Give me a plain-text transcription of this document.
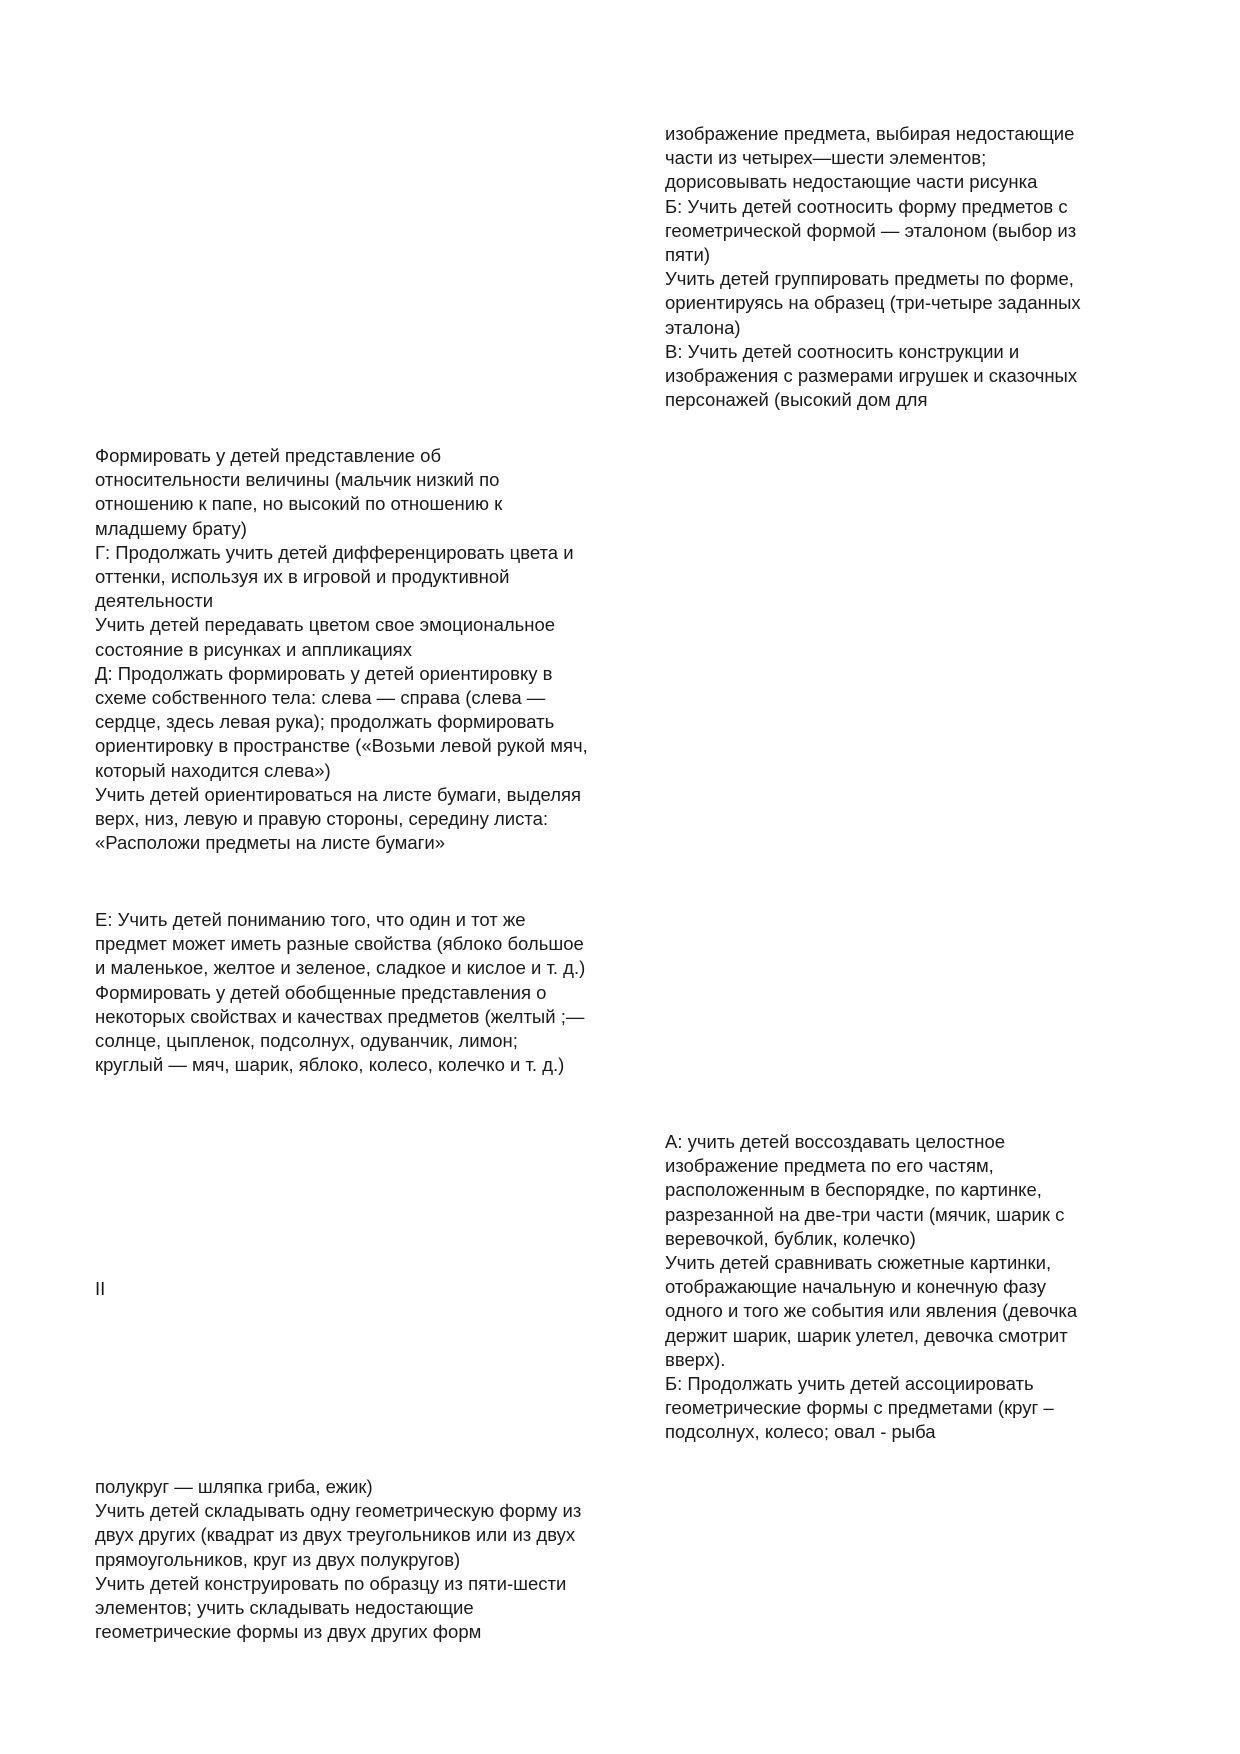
изображение предмета, выбирая недостающие
части из четырех—шести элементов;
дорисовывать недостающие части рисунка
Б: Учить детей соотносить форму предметов с
геометрической формой — эталоном (выбор из
пяти)
Учить детей группировать предметы по форме,
ориентируясь на образец (три-четыре заданных
эталона)
В: Учить детей соотносить конструкции и
изображения с размерами игрушек и сказочных
персонажей (высокий дом для
Формировать у детей представление об
относительности величины (мальчик низкий по
отношению к папе, но высокий по отношению к
младшему брату)
Г: Продолжать учить детей дифференцировать цвета и
оттенки, используя их в игровой и продуктивной
деятельности
Учить детей передавать цветом свое эмоциональное
состояние в рисунках и аппликациях
Д: Продолжать формировать у детей ориентировку в
схеме собственного тела: слева — справа (слева —
сердце, здесь левая рука); продолжать формировать
ориентировку в пространстве («Возьми левой рукой мяч,
который находится слева»)
Учить детей ориентироваться на листе бумаги, выделяя
верх, низ, левую и правую стороны, середину листа:
«Расположи предметы на листе бумаги»
Е: Учить детей пониманию того, что один и тот же
предмет может иметь разные свойства (яблоко большое
и маленькое, желтое и зеленое, сладкое и кислое и т. д.)
Формировать у детей обобщенные представления о
некоторых свойствах и качествах предметов (желтый ;—
солнце, цыпленок, подсолнух, одуванчик, лимон;
круглый — мяч, шарик, яблоко, колесо, колечко и т. д.)
А: учить детей воссоздавать целостное
изображение предмета по его частям,
расположенным в беспорядке, по картинке,
разрезанной на две-три части (мячик, шарик с
веревочкой, бублик, колечко)
Учить детей сравнивать сюжетные картинки,
отображающие начальную и конечную фазу
одного и того же события или явления (девочка
держит шарик, шарик улетел, девочка смотрит
вверх).
Б: Продолжать учить детей ассоциировать
геометрические формы с предметами (круг –
подсолнух, колесо; овал - рыба
II
полукруг — шляпка гриба, ежик)
Учить детей складывать одну геометрическую форму из
двух других (квадрат из двух треугольников или из двух
прямоугольников, круг из двух полукругов)
Учить детей конструировать по образцу из пяти-шести
элементов; учить складывать недостающие
геометрические формы из двух других форм
